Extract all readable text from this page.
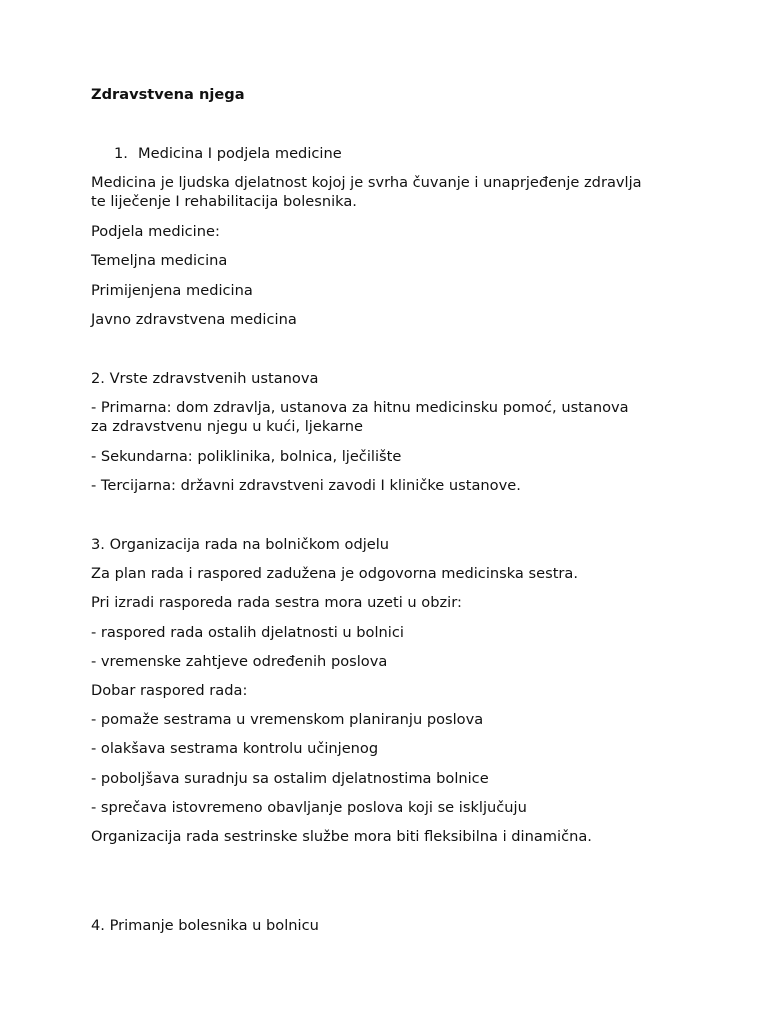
Zdravstvena njega
1. Medicina I podjela medicine
Medicina je ljudska djelatnost kojoj je svrha čuvanje i unaprjeđenje zdravlja
te liječenje I rehabilitacija bolesnika.
Podjela medicine:
Temeljna medicina
Primijenjena medicina
Javno zdravstvena medicina
2. Vrste zdravstvenih ustanova
- Primarna: dom zdravlja, ustanova za hitnu medicinsku pomoć, ustanova
za zdravstvenu njegu u kući, ljekarne
- Sekundarna: poliklinika, bolnica, lječilište
- Tercijarna: državni zdravstveni zavodi I kliničke ustanove.
3. Organizacija rada na bolničkom odjelu
Za plan rada i raspored zadužena je odgovorna medicinska sestra.
Pri izradi rasporeda rada sestra mora uzeti u obzir:
- raspored rada ostalih djelatnosti u bolnici
- vremenske zahtjeve određenih poslova
Dobar raspored rada:
- pomaže sestrama u vremenskom planiranju poslova
- olakšava sestrama kontrolu učinjenog
- poboljšava suradnju sa ostalim djelatnostima bolnice
- sprečava istovremeno obavljanje poslova koji se isključuju
Organizacija rada sestrinske službe mora biti fleksibilna i dinamična.
4. Primanje bolesnika u bolnicu
